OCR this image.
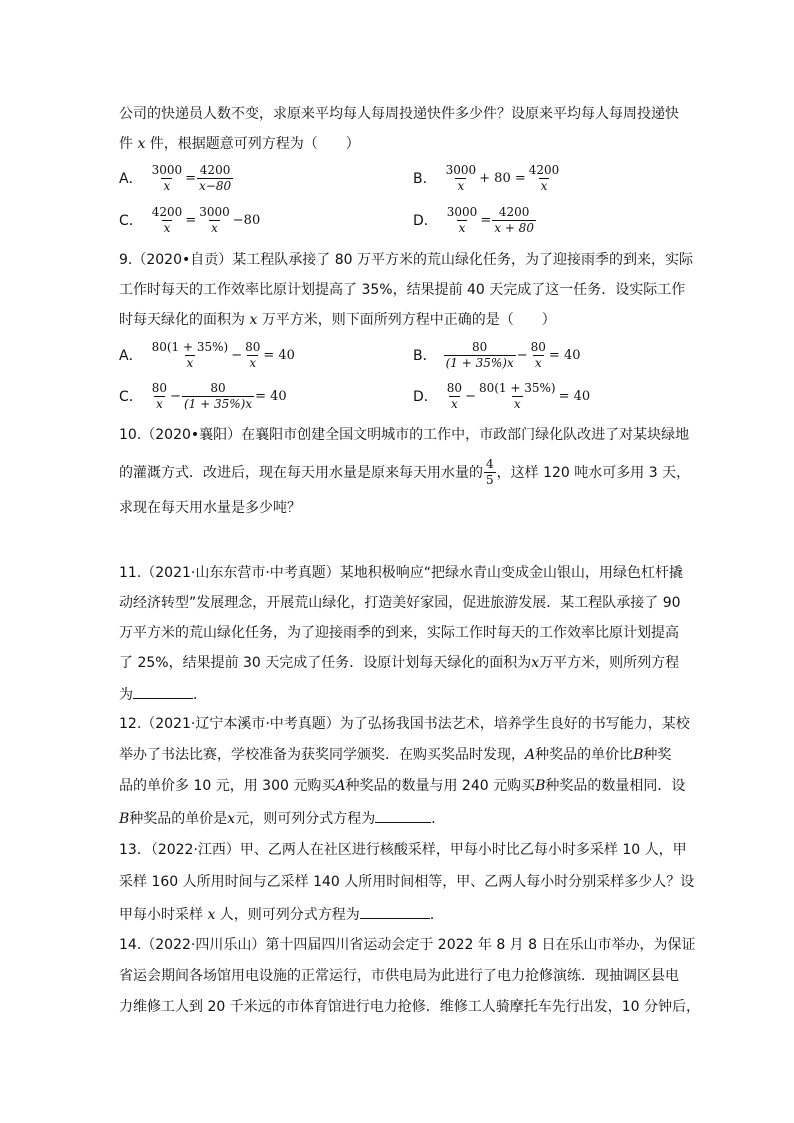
公司的快递员人数不变，求原来平均每人每周投递快件多少件？设原来平均每人每周投递快
件 x 件，根据题意可列方程为（　　）
A． $\frac{3000}{x} = \frac{4200}{x-80}$	B． $\frac{3000}{x} + 80 = \frac{4200}{x}$
C． $\frac{4200}{x} = \frac{3000}{x} -80$	D． $\frac{3000}{x} = \frac{4200}{x + 80}$
9.（2020•自贡）某工程队承接了 80 万平方米的荒山绿化任务，为了迎接雨季的到来，实际
工作时每天的工作效率比原计划提高了 35%，结果提前 40 天完成了这一任务．设实际工作
时每天绿化的面积为 x 万平方米，则下面所列方程中正确的是（　　）
A． $\frac{80(1 + 35\%)}{x} - \frac{80}{x} = 40$	B． $\frac{80}{(1 + 35\%)x} - \frac{80}{x} = 40$
C． $\frac{80}{x} - \frac{80}{(1 + 35\%)x} = 40$	D． $\frac{80}{x} - \frac{80(1 + 35\%)}{x} = 40$
10.（2020•襄阳）在襄阳市创建全国文明城市的工作中，市政部门绿化队改进了对某块绿地
的灌溉方式．改进后，现在每天用水量是原来每天用水量的 $\frac{4}{5}$ ，这样 120 吨水可多用 3 天，
求现在每天用水量是多少吨？
11.（2021·山东东营市·中考真题）某地积极响应“把绿水青山变成金山银山，用绿色杠杆撬
动经济转型”发展理念，开展荒山绿化，打造美好家园，促进旅游发展．某工程队承接了 90
万平方米的荒山绿化任务，为了迎接雨季的到来，实际工作时每天的工作效率比原计划提高
了 25%，结果提前 30 天完成了任务．设原计划每天绿化的面积为x万平方米，则所列方程
为	．
12.（2021·辽宁本溪市·中考真题）为了弘扬我国书法艺术，培养学生良好的书写能力，某校
举办了书法比赛，学校准备为获奖同学颁奖．在购买奖品时发现，A种奖品的单价比B种奖
品的单价多 10 元，用 300 元购买A种奖品的数量与用 240 元购买B种奖品的数量相同．设
B种奖品的单价是x元，则可列分式方程为	．
13．（2022·江西）甲、乙两人在社区进行核酸采样，甲每小时比乙每小时多采样 10 人，甲
采样 160 人所用时间与乙采样 140 人所用时间相等，甲、乙两人每小时分别采样多少人？设
甲每小时采样 x 人，则可列分式方程为	．
14.（2022·四川乐山）第十四届四川省运动会定于 2022 年 8 月 8 日在乐山市举办，为保证
省运会期间各场馆用电设施的正常运行，市供电局为此进行了电力抢修演练．现抽调区县电
力维修工人到 20 千米远的市体育馆进行电力抢修．维修工人骑摩托车先行出发，10 分钟后，
